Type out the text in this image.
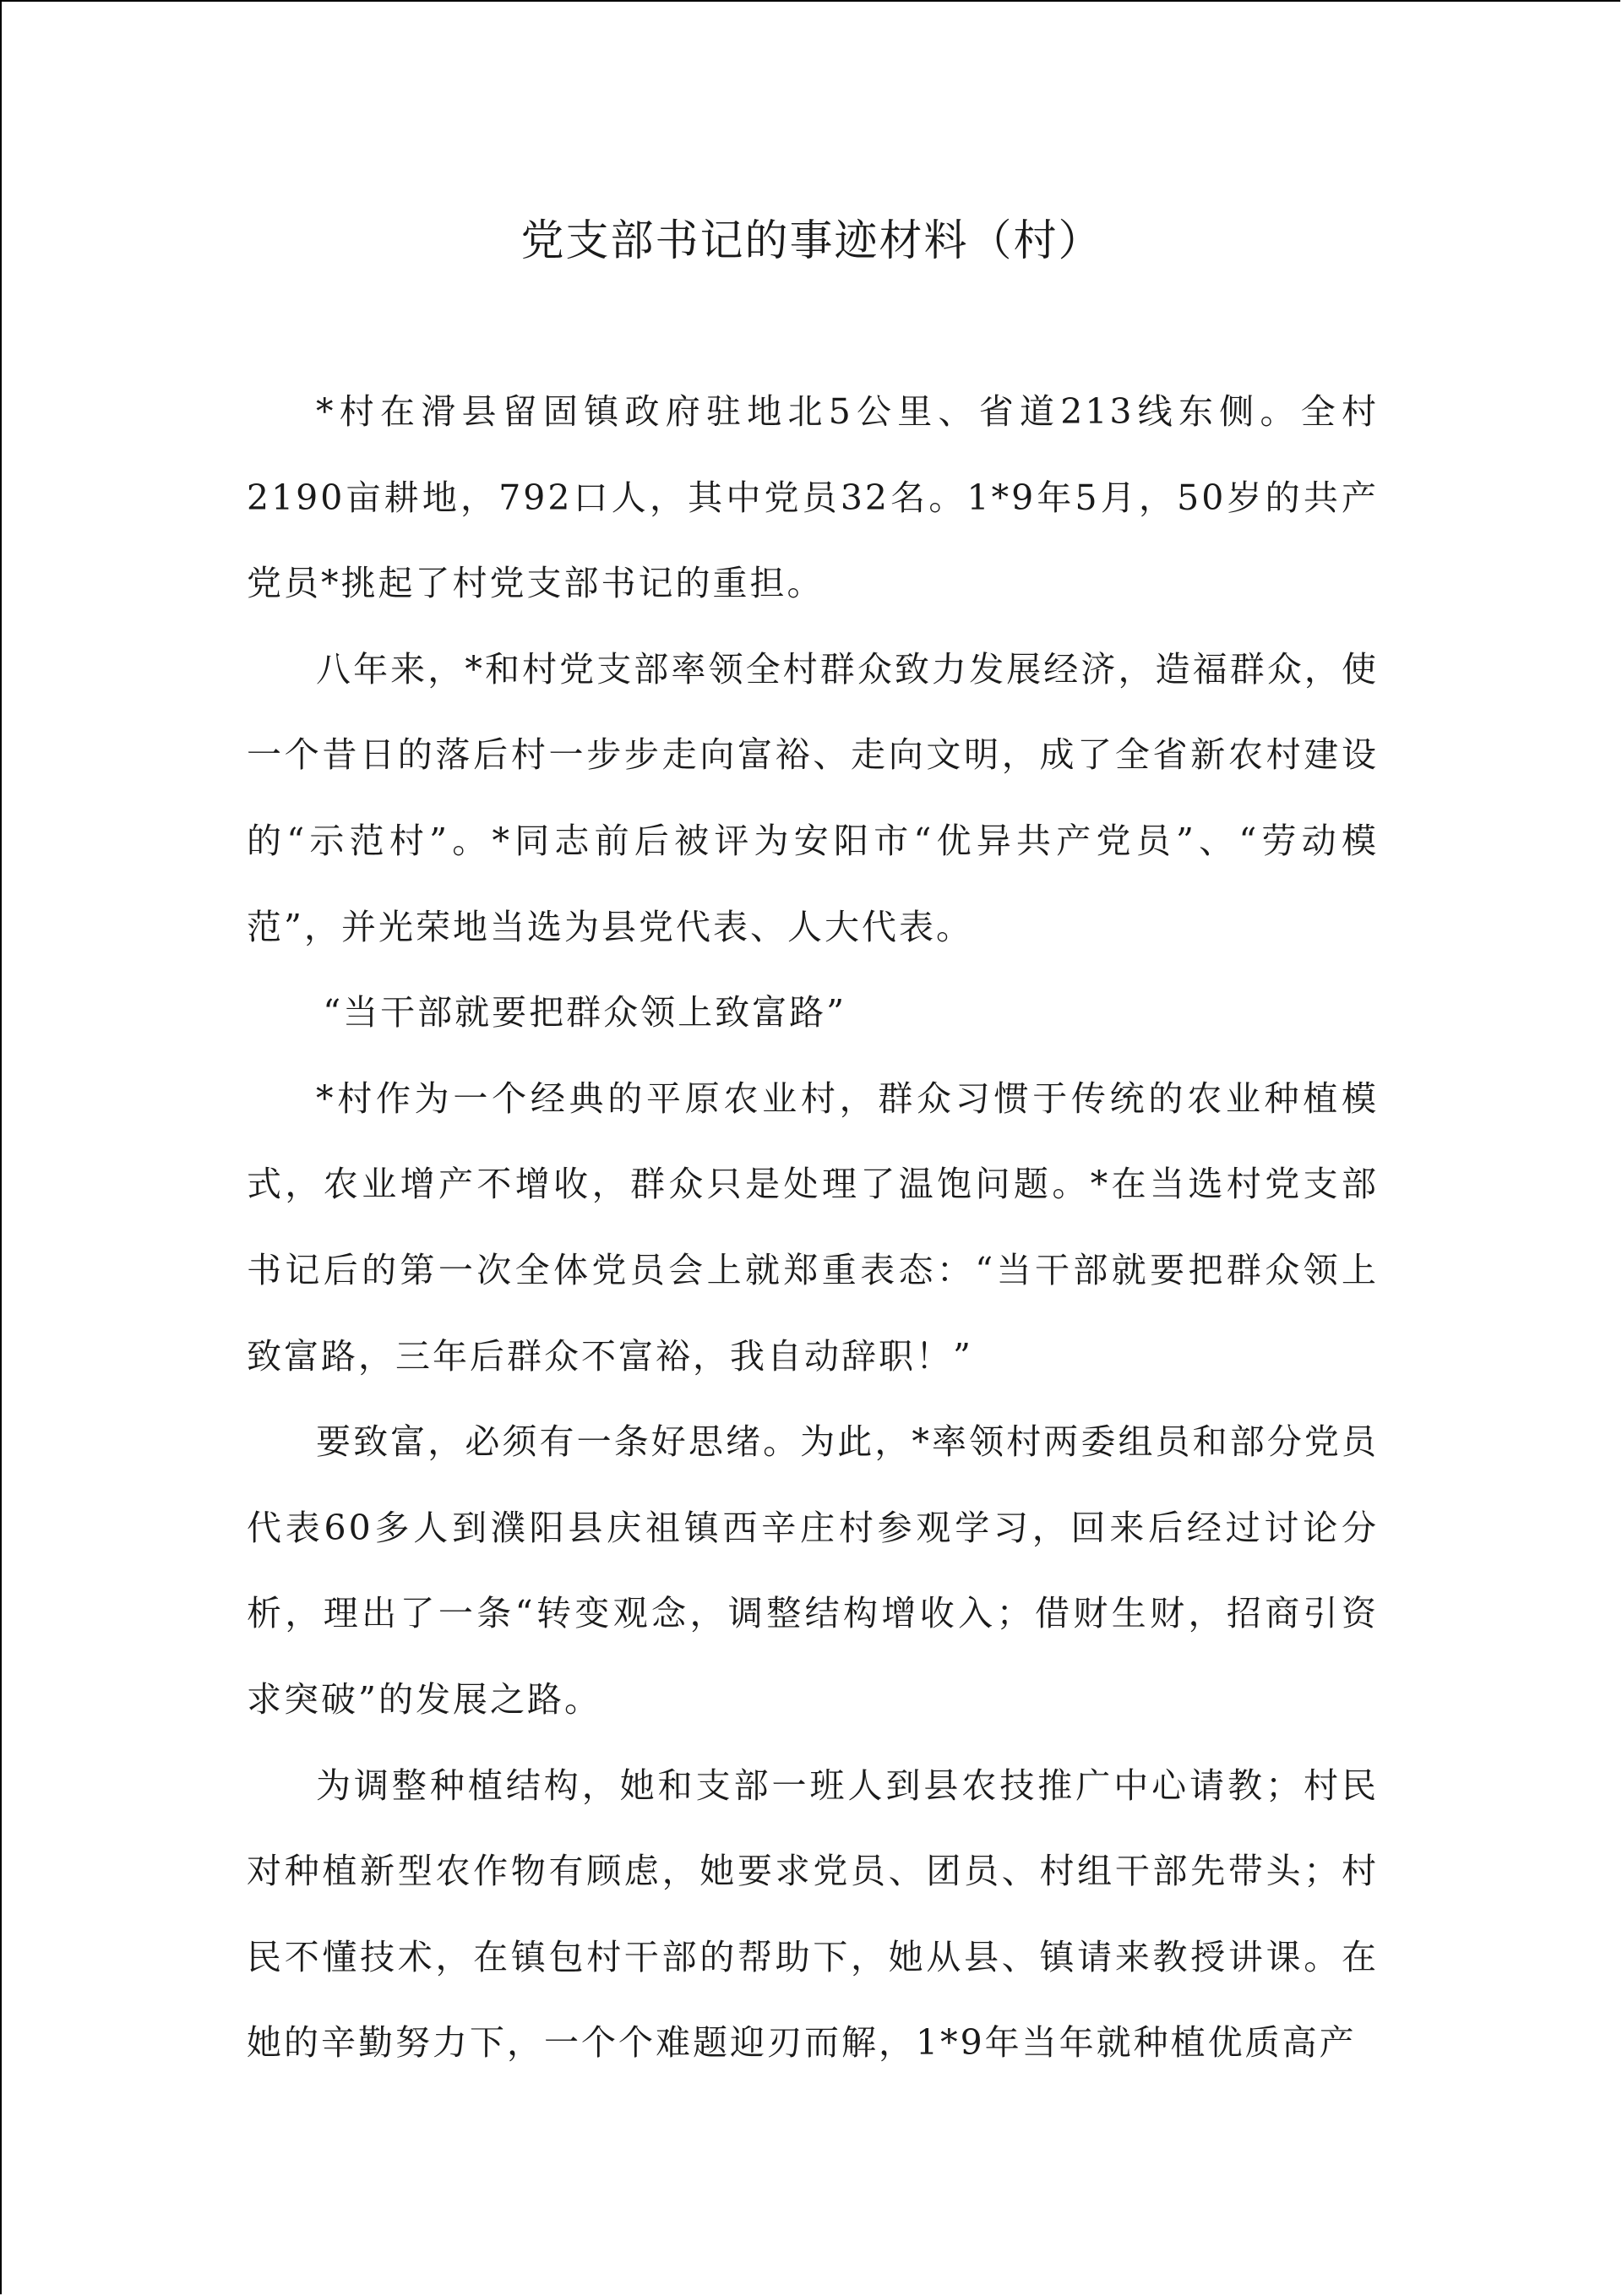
党支部书记的事迹材料（村）

*村在滑县留固镇政府驻地北5公里、省道213线东侧。全村2190亩耕地，792口人，其中党员32名。1*9年5月，50岁的共产党员*挑起了村党支部书记的重担。

八年来，*和村党支部率领全村群众致力发展经济，造福群众，使一个昔日的落后村一步步走向富裕、走向文明，成了全省新农村建设的“示范村”。*同志前后被评为安阳市“优异共产党员”、“劳动模范”，并光荣地当选为县党代表、人大代表。

“当干部就要把群众领上致富路”

*村作为一个经典的平原农业村，群众习惯于传统的农业种植模式，农业增产不增收，群众只是处理了温饱问题。*在当选村党支部书记后的第一次全体党员会上就郑重表态：“当干部就要把群众领上致富路，三年后群众不富裕，我自动辞职！”

要致富，必须有一条好思绪。为此，*率领村两委组员和部分党员代表60多人到濮阳县庆祖镇西辛庄村参观学习，回来后经过讨论分析，理出了一条“转变观念，调整结构增收入；借财生财，招商引资求突破”的发展之路。

为调整种植结构，她和支部一班人到县农技推广中心请教；村民对种植新型农作物有顾虑，她要求党员、团员、村组干部先带头；村民不懂技术，在镇包村干部的帮助下，她从县、镇请来教授讲课。在她的辛勤努力下，一个个难题迎刃而解，1*9年当年就种植优质高产
